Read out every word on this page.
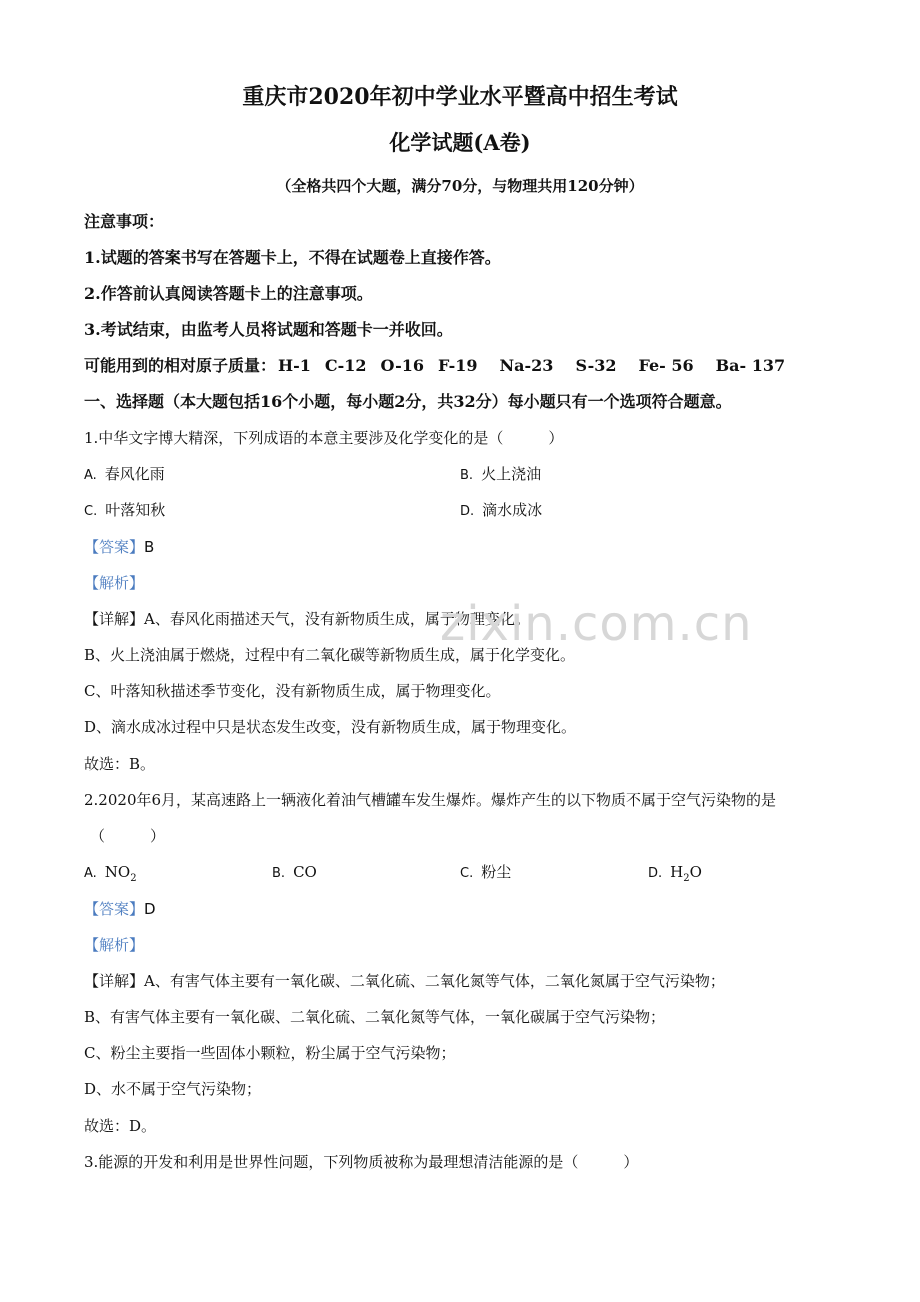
重庆市2020年初中学业水平暨高中招生考试
化学试题(A卷)
（全格共四个大题，满分70分，与物理共用120分钟）
注意事项：
1.试题的答案书写在答题卡上，不得在试题卷上直接作答。
2.作答前认真阅读答题卡上的注意事项。
3.考试结束，由监考人员将试题和答题卡一并收回。
可能用到的相对原子质量： H-1 C-12 O-16 F-19 Na-23 S-32 Fe- 56 Ba- 137
一、选择题（本大题包括16个小题，每小题2分，共32分）每小题只有一个选项符合题意。
1.中华文字博大精深，下列成语的本意主要涉及化学变化的是（　　　）
A. 春风化雨	B. 火上浇油
C. 叶落知秋	D. 滴水成冰
【答案】B
【解析】
【详解】A、春风化雨描述天气，没有新物质生成，属于物理变化。
B、火上浇油属于燃烧，过程中有二氧化碳等新物质生成，属于化学变化。
C、叶落知秋描述季节变化，没有新物质生成，属于物理变化。
D、滴水成冰过程中只是状态发生改变，没有新物质生成，属于物理变化。
故选：B。
2.2020年6月，某高速路上一辆液化着油气槽罐车发生爆炸。爆炸产生的以下物质不属于空气污染物的是
（　　　）
A. $NO_2$	B. CO	C. 粉尘	D. $H_2O$
【答案】D
【解析】
【详解】A、有害气体主要有一氧化碳、二氧化硫、二氧化氮等气体，二氧化氮属于空气污染物；
B、有害气体主要有一氧化碳、二氧化硫、二氧化氮等气体，一氧化碳属于空气污染物；
C、粉尘主要指一些固体小颗粒，粉尘属于空气污染物；
D、水不属于空气污染物；
故选：D。
3.能源的开发和利用是世界性问题，下列物质被称为最理想清洁能源的是（　　　）
zixin.com.cn
